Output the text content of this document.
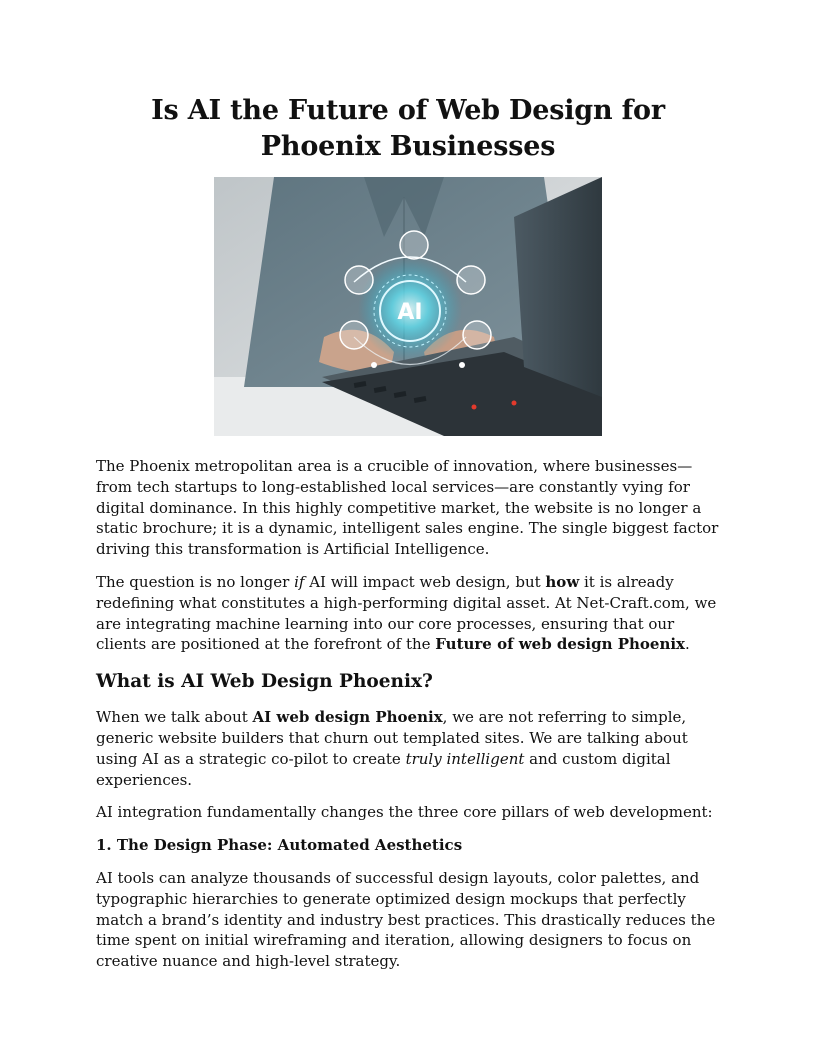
Is AI the Future of Web Design for Phoenix Businesses
AI

The Phoenix metropolitan area is a crucible of innovation, where businesses—from tech startups to long-established local services—are constantly vying for digital dominance. In this highly competitive market, the website is no longer a static brochure; it is a dynamic, intelligent sales engine. The single biggest factor driving this transformation is Artificial Intelligence.

The question is no longer if AI will impact web design, but how it is already redefining what constitutes a high-performing digital asset. At Net-Craft.com, we are integrating machine learning into our core processes, ensuring that our clients are positioned at the forefront of the Future of web design Phoenix.

What is AI Web Design Phoenix?

When we talk about AI web design Phoenix, we are not referring to simple, generic website builders that churn out templated sites. We are talking about using AI as a strategic co-pilot to create truly intelligent and custom digital experiences.

AI integration fundamentally changes the three core pillars of web development:

1. The Design Phase: Automated Aesthetics

AI tools can analyze thousands of successful design layouts, color palettes, and typographic hierarchies to generate optimized design mockups that perfectly match a brand’s identity and industry best practices. This drastically reduces the time spent on initial wireframing and iteration, allowing designers to focus on creative nuance and high-level strategy.
